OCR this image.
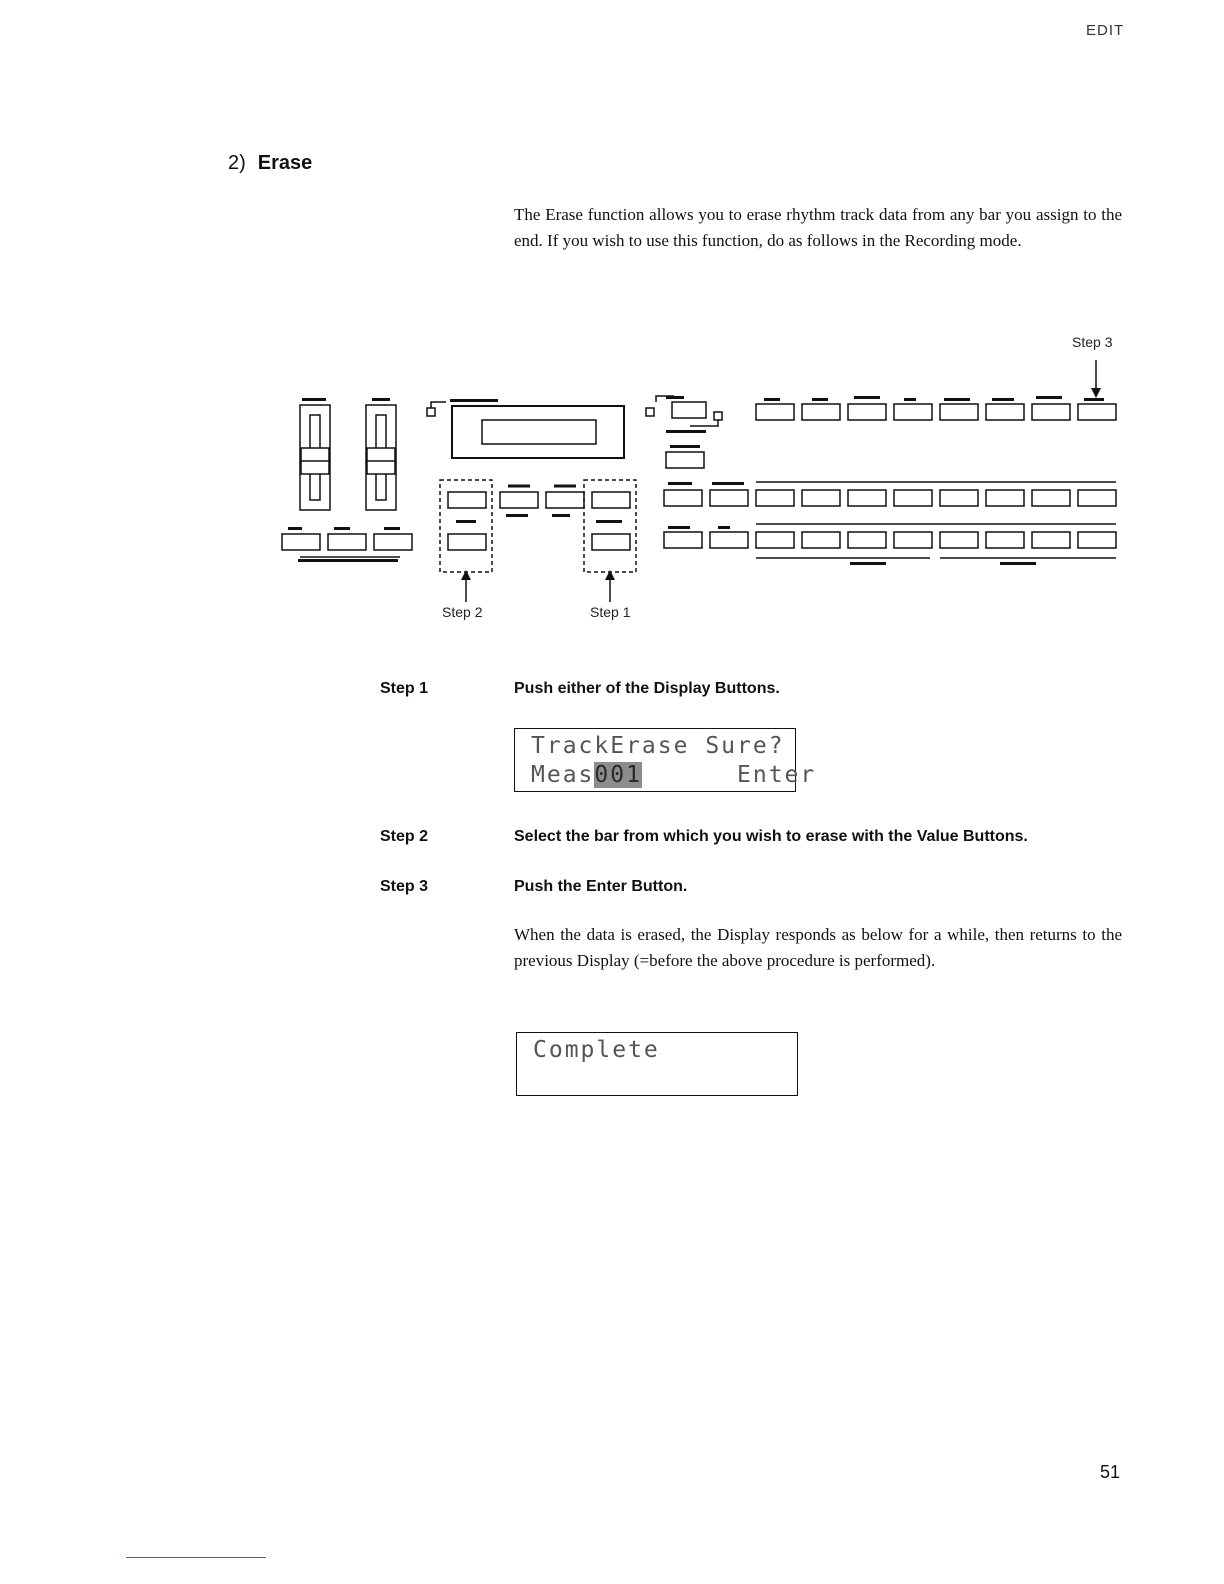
EDIT
2) Erase
The Erase function allows you to erase rhythm track data from any bar you assign to the end. If you wish to use this function, do as follows in the Recording mode.
Step 3
Step 2	Step 1
Step 1	Push either of the Display Buttons.
TrackErase Sure?
Meas001      Enter
Step 2	Select the bar from which you wish to erase with the Value Buttons.
Step 3	Push the Enter Button.
When the data is erased, the Display responds as below for a while, then returns to the previous Display (=before the above procedure is performed).
Complete
51
